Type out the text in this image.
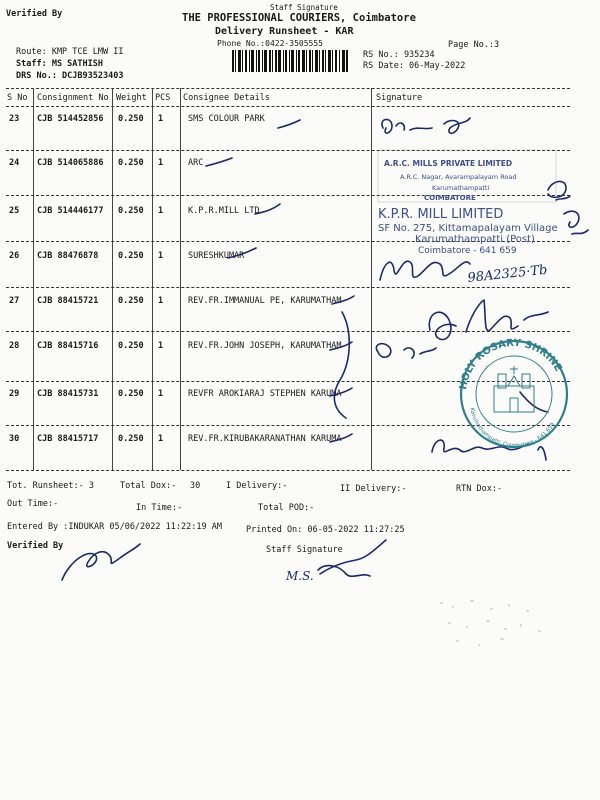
Verified By
Staff Signature
THE PROFESSIONAL COURIERS, Coimbatore
Delivery Runsheet - KAR
Phone No.:0422-3505555	Page No.:3
Route: KMP TCE LMW II
Staff: MS SATHISH
DRS No.: DCJB93523403
RS No.: 935234
RS Date: 06-May-2022
S No Consignment No Weight PCS Consignee Details	Signature
23 CJB 514452856 0.250 1	SMS COLOUR PARK
24 CJB 514065886 0.250 1	ARC
25 CJB 514446177 0.250 1	K.P.R.MILL LTD
26 CJB 88476878 0.250 1	SURESHKUMAR
27 CJB 88415721 0.250 1	REV.FR.IMMANUAL PE, KARUMATHAM
28 CJB 88415716 0.250 1	REV.FR.JOHN JOSEPH, KARUMATHAM
29 CJB 88415731 0.250 1	REVFR AROKIARAJ STEPHEN KARUMA
30 CJB 88415717 0.250 1	REV.FR.KIRUBAKARANATHAN KARUMA
A.R.C. MILLS PRIVATE LIMITED
A.R.C. Nagar, Avarampalayam Road
Karumathampatti
COIMBATORE
K.P.R. MILL LIMITED
SF No. 275, Kittamapalayam Village
Karumathampatti (Post)
Coimbatore - 641 659
98A2325·Tb
HOLY ROSARY SHRINE
Karumathampatti, Coimbatore - 641 659
M.S.
Tot. Runsheet:- 3	Total Dox:- 30	I Delivery:-	II Delivery:-	RTN Dox:-
Out Time:-	In Time:-	Total POD:-
Entered By :INDUKAR 05/06/2022 11:22:19 AM	Printed On: 06-05-2022 11:27:25
Verified By	Staff Signature
